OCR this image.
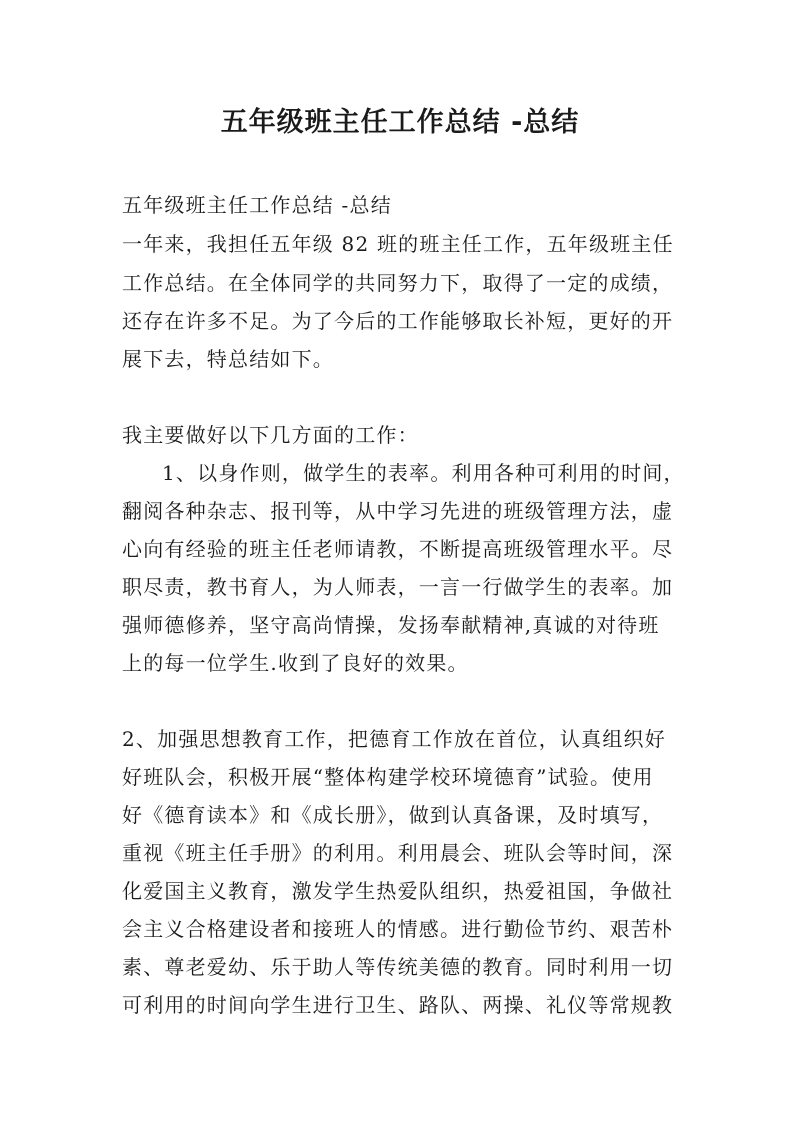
五年级班主任工作总结 -总结
五年级班主任工作总结 -总结
一年来，我担任五年级 82 班的班主任工作，五年级班主任
工作总结。在全体同学的共同努力下，取得了一定的成绩，
还存在许多不足。为了今后的工作能够取长补短，更好的开
展下去，特总结如下。
我主要做好以下几方面的工作：
1、以身作则，做学生的表率。利用各种可利用的时间，
翻阅各种杂志、报刊等，从中学习先进的班级管理方法，虚
心向有经验的班主任老师请教，不断提高班级管理水平。尽
职尽责，教书育人，为人师表，一言一行做学生的表率。加
强师德修养，坚守高尚情操，发扬奉献精神,真诚的对待班
上的每一位学生.收到了良好的效果。
2、加强思想教育工作，把德育工作放在首位，认真组织好
好班队会，积极开展“整体构建学校环境德育”试验。使用
好《德育读本》和《成长册》，做到认真备课，及时填写，
重视《班主任手册》的利用。利用晨会、班队会等时间，深
化爱国主义教育，激发学生热爱队组织，热爱祖国，争做社
会主义合格建设者和接班人的情感。进行勤俭节约、艰苦朴
素、尊老爱幼、乐于助人等传统美德的教育。同时利用一切
可利用的时间向学生进行卫生、路队、两操、礼仪等常规教
